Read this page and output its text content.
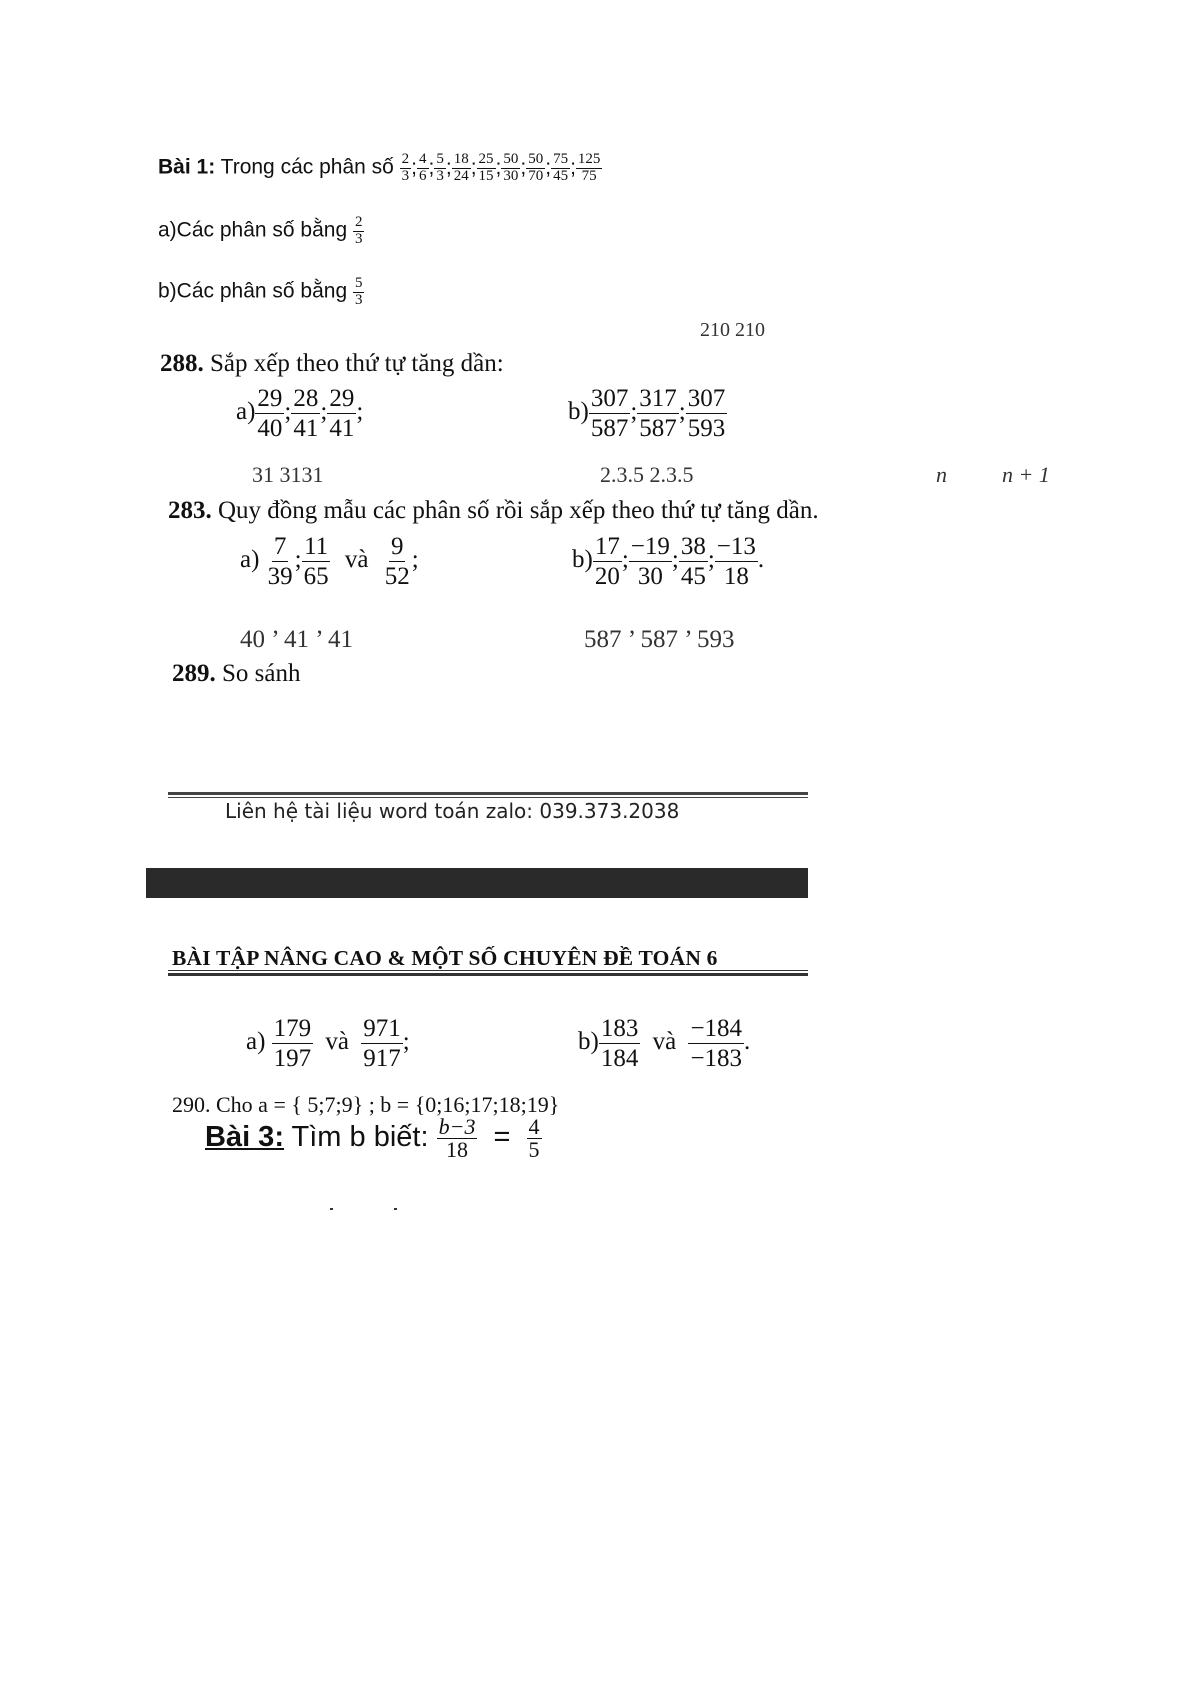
Bài 1: Trong các phân số $\frac{2}{3}$ ; $\frac{4}{6}$ ; $\frac{5}{3}$ ; $\frac{18}{24}$ ; $\frac{25}{15}$ ; $\frac{50}{30}$ ; $\frac{50}{70}$ ; $\frac{75}{45}$ ; $\frac{125}{75}$
a)Các phân số bằng $\frac{2}{3}$
b)Các phân số bằng $\frac{5}{3}$
210 210
288. Sắp xếp theo thứ tự tăng dần:
$a) \frac{29}{40}$ ; $\frac{28}{41}$ ; $\frac{29}{41}$ ;	$b) \frac{307}{587}$ ; $\frac{317}{587}$ ; $\frac{307}{593}$
31 3131	2.3.5 2.3.5	n	n + 1
283. Quy đồng mẫu các phân số rồi sắp xếp theo thứ tự tăng dần.
$a) \frac{7}{39}$ ; $\frac{11}{65}$ và $\frac{9}{52}$ ;	$b) \frac{17}{20}$ ; $\frac{-19}{30}$ ; $\frac{38}{45}$ ; $\frac{-13}{18}$ .
40 ’ 41 ’ 41	587 ’ 587 ’ 593
289. So sánh
Liên hệ tài liệu word toán zalo: 039.373.2038
BÀI TẬP NÂNG CAO & MỘT SỐ CHUYÊN ĐỀ TOÁN 6
$a) \frac{179}{197}$ và $\frac{971}{917}$ ;	$b) \frac{183}{184}$ và $\frac{-184}{-183}$ .
290. Cho a = { 5;7;9} ; b = {0;16;17;18;19}
Bài 3: Tìm b biết: $\frac{b-3}{18} = \frac{4}{5}$
